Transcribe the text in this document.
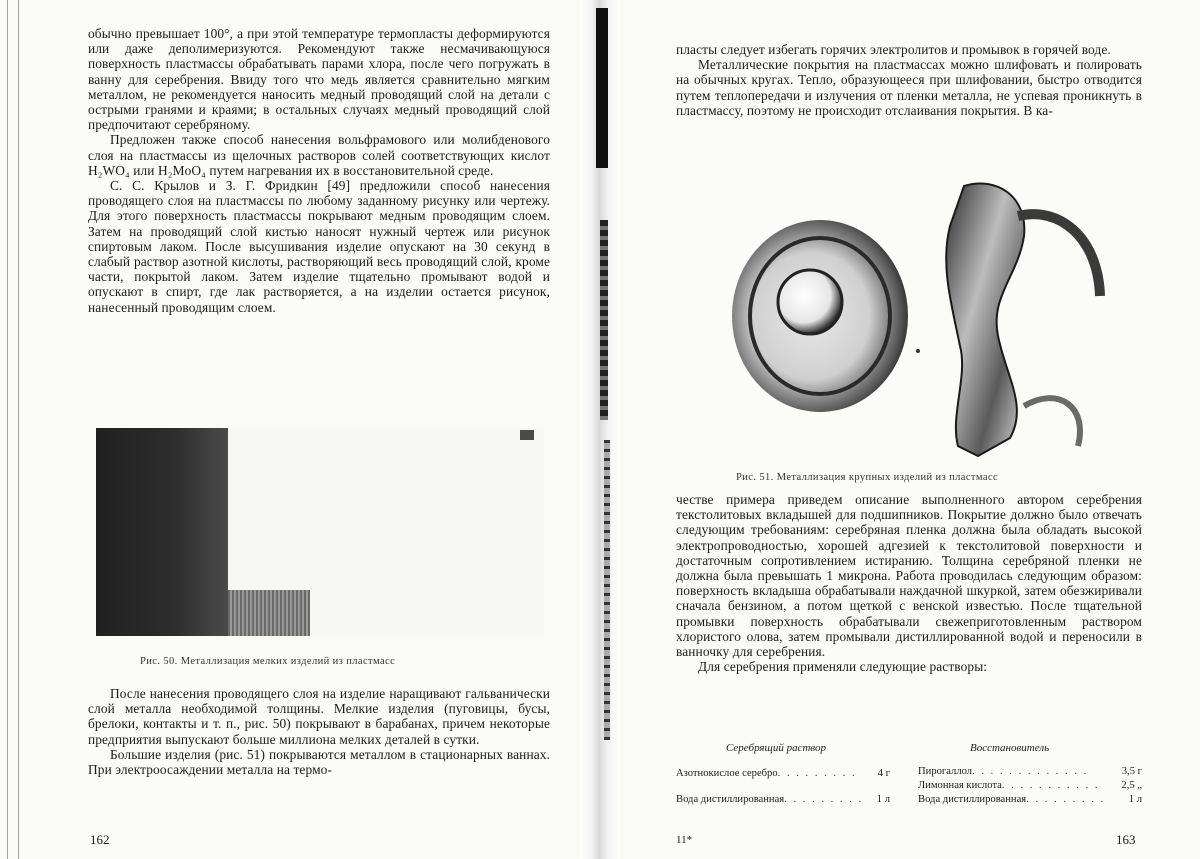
обычно превышает 100°, а при этой температуре термопласты деформируются или даже деполимеризуются. Рекомендуют также несмачивающуюся поверхность пластмассы обрабатывать парами хлора, после чего погружать в ванну для серебрения. Ввиду того что медь является сравнительно мягким металлом, не рекомендуется наносить медный проводящий слой на детали с острыми гранями и краями; в остальных случаях медный проводящий слой предпочитают серебряному.

Предложен также способ нанесения вольфрамового или молибденового слоя на пластмассы из щелочных растворов солей соответствующих кислот H₂WO₄ или H₂MoO₄ путем нагревания их в восстановительной среде.

С. С. Крылов и З. Г. Фридкин [49] предложили способ нанесения проводящего слоя на пластмассы по любому заданному рисунку или чертежу. Для этого поверхность пластмассы покрывают медным проводящим слоем. Затем на проводящий слой кистью наносят нужный чертеж или рисунок спиртовым лаком. После высушивания изделие опускают на 30 секунд в слабый раствор азотной кислоты, растворяющий весь проводящий слой, кроме части, покрытой лаком. Затем изделие тщательно промывают водой и опускают в спирт, где лак растворяется, а на изделии остается рисунок, нанесенный проводящим слоем.

Рис. 50. Металлизация мелких изделий из пластмасс

После нанесения проводящего слоя на изделие наращивают гальванически слой металла необходимой толщины. Мелкие изделия (пуговицы, бусы, брелоки, контакты и т. п., рис. 50) покрывают в барабанах, причем некоторые предприятия выпускают больше миллиона мелких деталей в сутки.

Большие изделия (рис. 51) покрываются металлом в стационарных ваннах. При электроосаждении металла на термо-

162

пласты следует избегать горячих электролитов и промывок в горячей воде.

Металлические покрытия на пластмассах можно шлифовать и полировать на обычных кругах. Тепло, образующееся при шлифовании, быстро отводится путем теплопередачи и излучения от пленки металла, не успевая проникнуть в пластмассу, поэтому не происходит отслаивания покрытия. В ка-

Рис. 51. Металлизация крупных изделий из пластмасс

честве примера приведем описание выполненного автором серебрения текстолитовых вкладышей для подшипников. Покрытие должно было отвечать следующим требованиям: серебряная пленка должна была обладать высокой электропроводностью, хорошей адгезией к текстолитовой поверхности и достаточным сопротивлением истиранию. Толщина серебряной пленки не должна была превышать 1 микрона. Работа проводилась следующим образом: поверхность вкладыша обрабатывали наждачной шкуркой, затем обезжиривали сначала бензином, а потом щеткой с венской известью. После тщательной промывки поверхность обрабатывали свежеприготовленным раствором хлористого олова, затем промывали дистиллированной водой и переносили в ванночку для серебрения.

Для серебрения применяли следующие растворы:

Серебрящий раствор	Восстановитель
Азотнокислое серебро . . . . . . . . .	4 г
Вода дистиллированная . . . . . . . . .	1 л
Пирогаллол . . . . . . . . . . . . .	3,5 г
Лимонная кислота . . . . . . . . . . .	2,5 „
Вода дистиллированная . . . . . . . . .	1 л
11*	163
